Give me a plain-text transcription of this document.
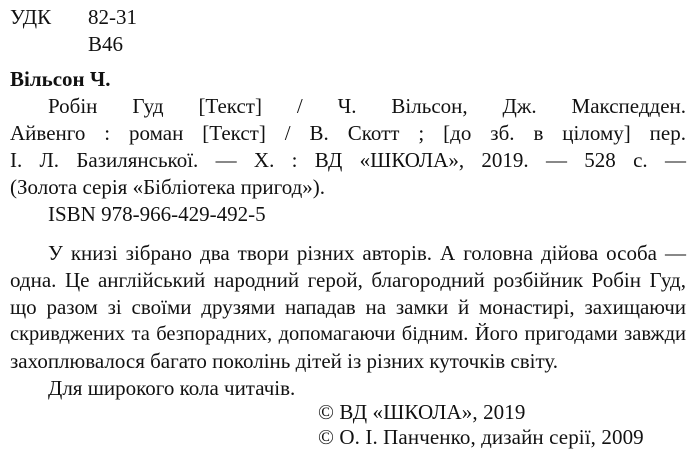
УДК 82-31
В46
Вільсон Ч.
Робін Гуд [Текст] / Ч. Вільсон, Дж. Макспедден.
Айвенго : роман [Текст] / В. Скотт ; [до зб. в цілому] пер.
І. Л. Базилянської. — Х. : ВД «ШКОЛА», 2019. — 528 с. —
(Золота серія «Бібліотека пригод»).
ISBN 978-966-429-492-5
У книзі зібрано два твори різних авторів. А головна дійова особа —
одна. Це англійський народний герой, благородний розбійник Робін Гуд,
що разом зі своїми друзями нападав на замки й монастирі, захищаючи
скривджених та безпорадних, допомагаючи бідним. Його пригодами завжди
захоплювалося багато поколінь дітей із різних куточків світу.
Для широкого кола читачів.
© ВД «ШКОЛА», 2019
© О. І. Панченко, дизайн серії, 2009
